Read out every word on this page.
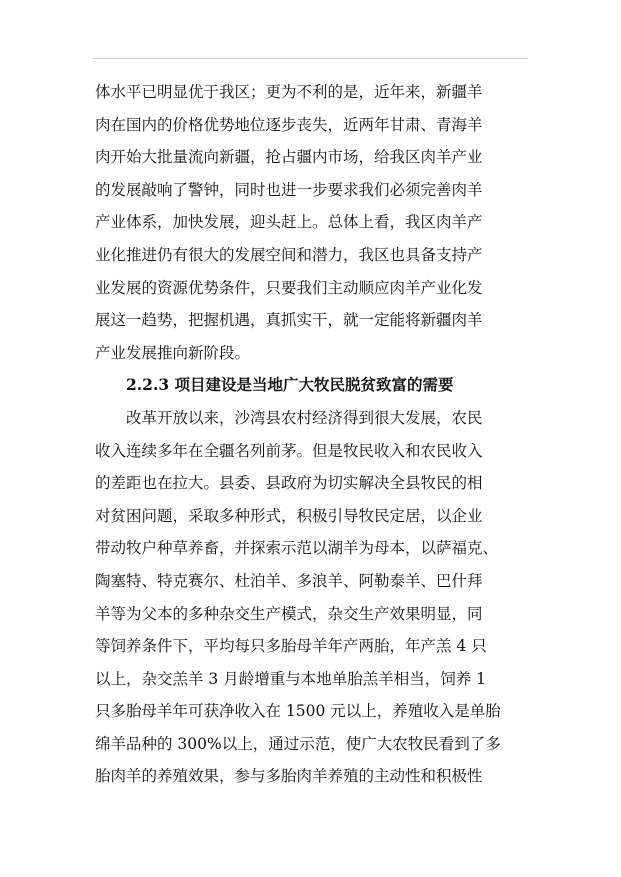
体水平已明显优于我区；更为不利的是，近年来，新疆羊
肉在国内的价格优势地位逐步丧失，近两年甘肃、青海羊
肉开始大批量流向新疆，抢占疆内市场，给我区肉羊产业
的发展敲响了警钟，同时也进一步要求我们必须完善肉羊
产业体系，加快发展，迎头赶上。总体上看，我区肉羊产
业化推进仍有很大的发展空间和潜力，我区也具备支持产
业发展的资源优势条件，只要我们主动顺应肉羊产业化发
展这一趋势，把握机遇，真抓实干，就一定能将新疆肉羊
产业发展推向新阶段。
2.2.3 项目建设是当地广大牧民脱贫致富的需要
改革开放以来，沙湾县农村经济得到很大发展，农民
收入连续多年在全疆名列前茅。但是牧民收入和农民收入
的差距也在拉大。县委、县政府为切实解决全县牧民的相
对贫困问题，采取多种形式，积极引导牧民定居，以企业
带动牧户种草养畜，并探索示范以湖羊为母本，以萨福克、
陶塞特、特克赛尔、杜泊羊、多浪羊、阿勒泰羊、巴什拜
羊等为父本的多种杂交生产模式，杂交生产效果明显，同
等饲养条件下，平均每只多胎母羊年产两胎，年产羔 4 只
以上，杂交羔羊 3 月龄增重与本地单胎羔羊相当，饲养 1
只多胎母羊年可获净收入在 1500 元以上，养殖收入是单胎
绵羊品种的 300%以上，通过示范，使广大农牧民看到了多
胎肉羊的养殖效果，参与多胎肉羊养殖的主动性和积极性
